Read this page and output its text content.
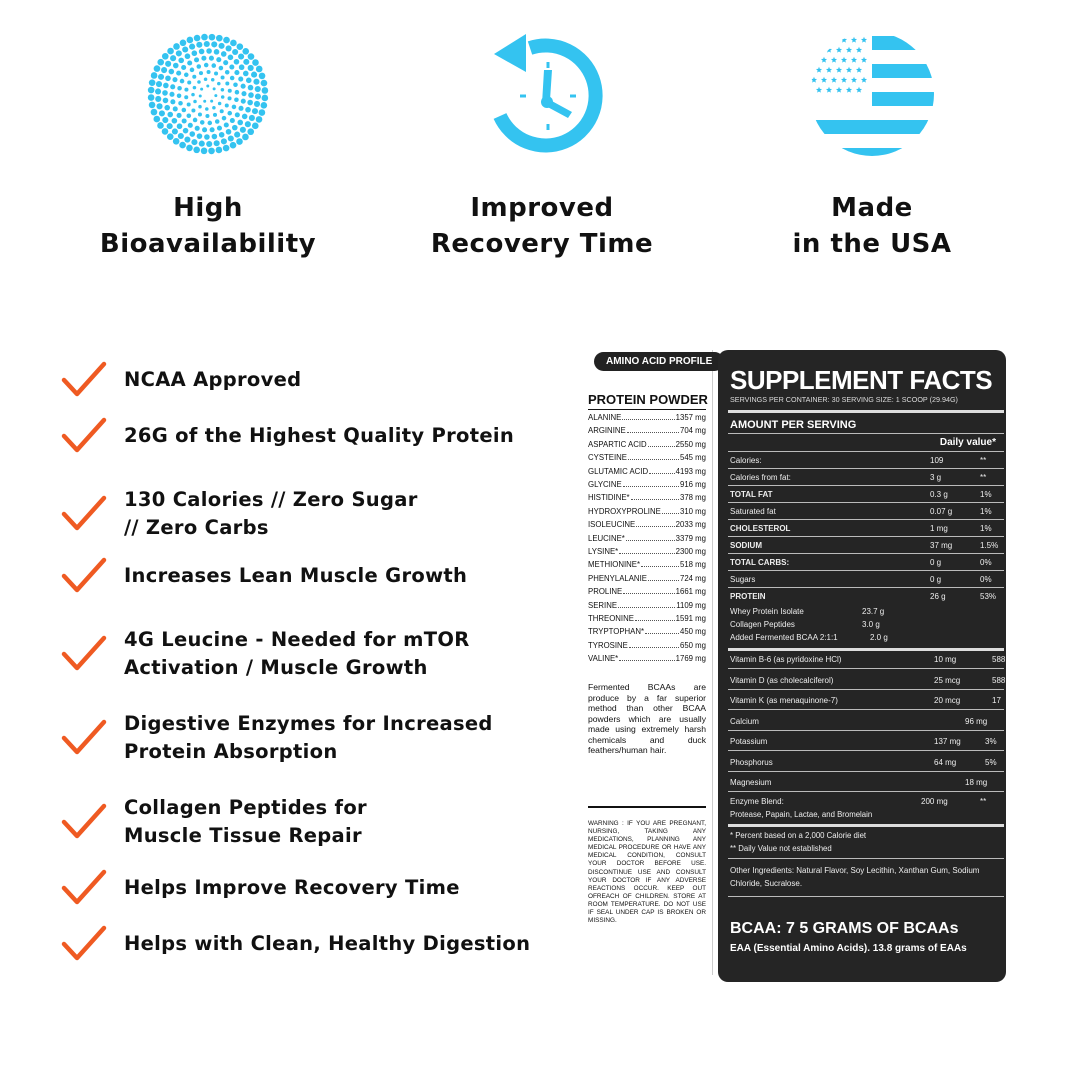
High
Bioavailability
Improved
Recovery Time
Made
in the USA
NCAA Approved
26G of the Highest Quality Protein
130 Calories // Zero Sugar
// Zero Carbs
Increases Lean Muscle Growth
4G Leucine - Needed for mTOR
Activation / Muscle Growth
Digestive Enzymes for Increased
Protein Absorption
Collagen Peptides for
Muscle Tissue Repair
Helps Improve Recovery Time
Helps with Clean, Healthy Digestion
AMINO ACID PROFILE
PROTEIN POWDER
ALANINE	1357 mg
ARGININE	704 mg
ASPARTIC ACID	2550 mg
CYSTEINE	545 mg
GLUTAMIC ACID	4193 mg
GLYCINE	916 mg
HISTIDINE*	378 mg
HYDROXYPROLINE 310 mg
ISOLEUCINE	2033 mg
LEUCINE*	3379 mg
LYSINE*	2300 mg
METHIONINE*	518 mg
PHENYLALANIE	724 mg
PROLINE	1661 mg
SERINE	1109 mg
THREONINE	1591 mg
TRYPTOPHAN*	450 mg
TYROSINE	650 mg
VALINE*	1769 mg
Fermented BCAAs are produce by a far superior method than other BCAA powders which are usually made using extremely harsh chemicals and duck feathers/human hair.
WARNING : IF YOU ARE PREGNANT, NURSING, TAKING ANY MEDICATIONS, PLANNING ANY MEDICAL PROCEDURE OR HAVE ANY MEDICAL CONDITION, CONSULT YOUR DOCTOR BEFORE USE. DISCONTINUE USE AND CONSULT YOUR DOCTOR IF ANY ADVERSE REACTIONS OCCUR. KEEP OUT OFREACH OF CHILDREN. STORE AT ROOM TEMPERATURE. DO NOT USE IF SEAL UNDER CAP IS BROKEN OR MISSING.
SUPPLEMENT FACTS
SERVINGS PER CONTAINER: 30 SERVING SIZE: 1 SCOOP (29.94G)
AMOUNT PER SERVING
Daily value*
Calories:	109	**
Calories from fat:	3 g	**
TOTAL FAT	0.3 g	1%
Saturated fat	0.07 g	1%
CHOLESTEROL	1 mg	1%
SODIUM	37 mg	1.5%
TOTAL CARBS:	0 g	0%
Sugars	0 g	0%
PROTEIN	26 g	53%
Whey Protein Isolate	23.7 g
Collagen Peptides	3.0 g
Added Fermented BCAA 2:1:1	2.0 g
Vitamin B-6 (as pyridoxine HCl)	10 mg	588
Vitamin D (as cholecalciferol)	25 mcg	588
Vitamin K (as menaquinone-7)	20 mcg	17
Calcium	96 mg
Potassium	137 mg	3%
Phosphorus	64 mg	5%
Magnesium	18 mg
Enzyme Blend:	200 mg	**
Protease, Papain, Lactae, and Bromelain
* Percent based on a 2,000 Calorie diet
** Daily Value not established
Other Ingredients: Natural Flavor, Soy Lecithin, Xanthan Gum, Sodium Chloride, Sucralose.
BCAA: 7 5 GRAMS OF BCAAs
EAA (Essential Amino Acids). 13.8 grams of EAAs
